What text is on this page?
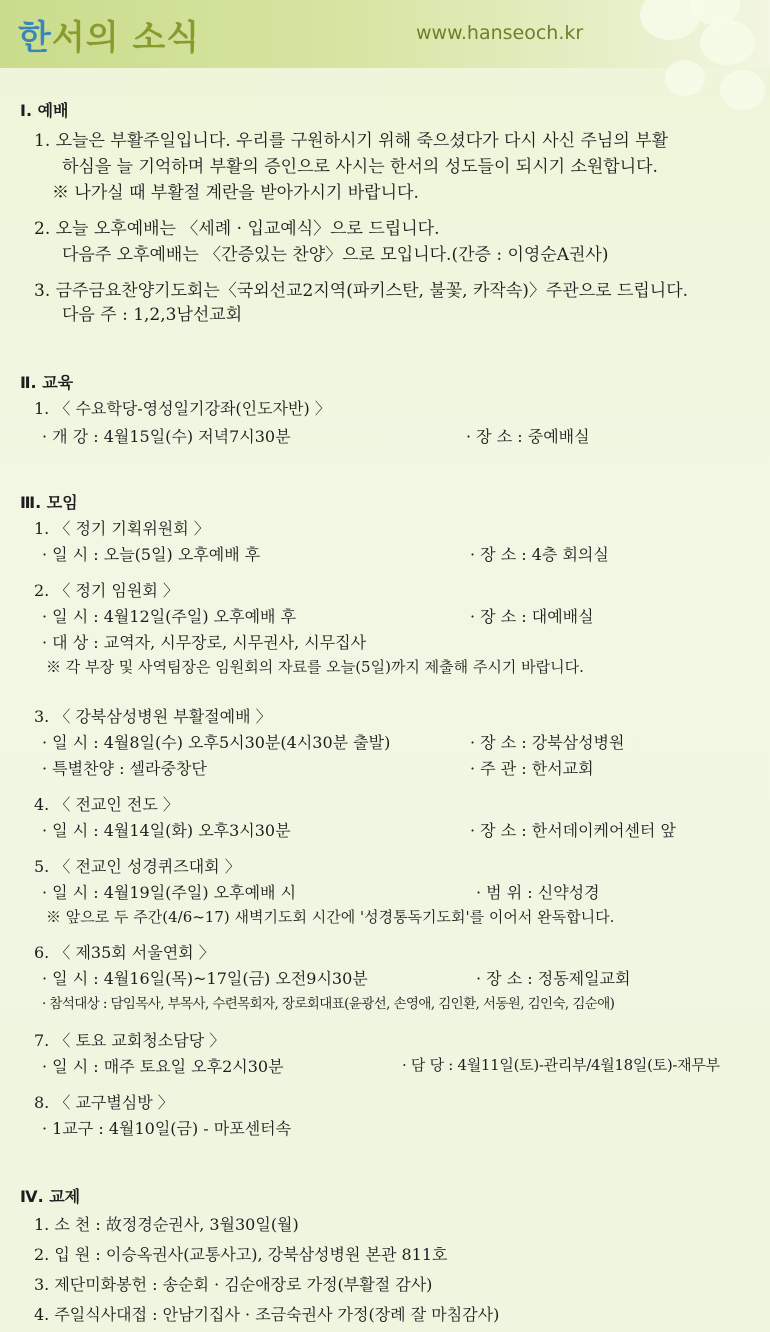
한서의 소식	www.hanseoch.kr
Ⅰ. 예배
1. 오늘은 부활주일입니다. 우리를 구원하시기 위해 죽으셨다가 다시 사신 주님의 부활
하심을 늘 기억하며 부활의 증인으로 사시는 한서의 성도들이 되시기 소원합니다.
※ 나가실 때 부활절 계란을 받아가시기 바랍니다.
2. 오늘 오후예배는 〈세례 · 입교예식〉으로 드립니다.
다음주 오후예배는 〈간증있는 찬양〉으로 모입니다.(간증 : 이영순A권사)
3. 금주금요찬양기도회는〈국외선교2지역(파키스탄, 불꽃, 카작속)〉주관으로 드립니다.
다음 주 : 1,2,3남선교회
Ⅱ. 교육
1. 〈 수요학당-영성일기강좌(인도자반) 〉
· 개 강 : 4월15일(수) 저녁7시30분	· 장 소 : 중예배실
Ⅲ. 모임
1. 〈 정기 기획위원회 〉
· 일 시 : 오늘(5일) 오후예배 후	· 장 소 : 4층 회의실
2. 〈 정기 임원회 〉
· 일 시 : 4월12일(주일) 오후예배 후	· 장 소 : 대예배실
· 대 상 : 교역자, 시무장로, 시무권사, 시무집사
※ 각 부장 및 사역팀장은 임원회의 자료를 오늘(5일)까지 제출해 주시기 바랍니다.
3. 〈 강북삼성병원 부활절예배 〉
· 일 시 : 4월8일(수) 오후5시30분(4시30분 출발)	· 장 소 : 강북삼성병원
· 특별찬양 : 셀라중창단	· 주 관 : 한서교회
4. 〈 전교인 전도 〉
· 일 시 : 4월14일(화) 오후3시30분	· 장 소 : 한서데이케어센터 앞
5. 〈 전교인 성경퀴즈대회 〉
· 일 시 : 4월19일(주일) 오후예배 시	· 범 위 : 신약성경
※ 앞으로 두 주간(4/6~17) 새벽기도회 시간에 '성경통독기도회'를 이어서 완독합니다.
6. 〈 제35회 서울연회 〉
· 일 시 : 4월16일(목)~17일(금) 오전9시30분	· 장 소 : 정동제일교회
· 참석대상 : 담임목사, 부목사, 수련목회자, 장로회대표(윤광선, 손영애, 김인환, 서동원, 김인숙, 김순애)
7. 〈 토요 교회청소담당 〉
· 일 시 : 매주 토요일 오후2시30분	· 담 당 : 4월11일(토)-관리부/4월18일(토)-재무부
8. 〈 교구별심방 〉
· 1교구 : 4월10일(금) - 마포센터속
Ⅳ. 교제
1. 소 천 : 故정경순권사, 3월30일(월)
2. 입 원 : 이승옥권사(교통사고), 강북삼성병원 본관 811호
3. 제단미화봉헌 : 송순회 · 김순애장로 가정(부활절 감사)
4. 주일식사대접 : 안남기집사 · 조금숙권사 가정(장례 잘 마침감사)
